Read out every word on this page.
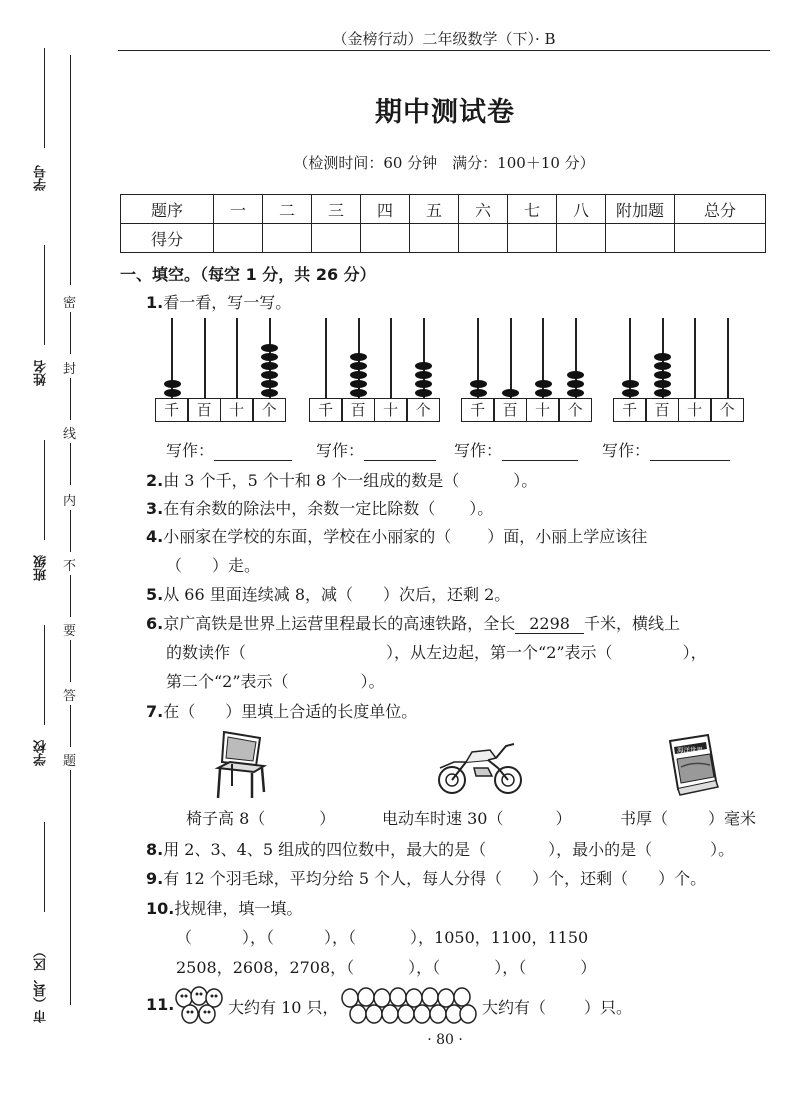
（金榜行动）二年级数学（下）· B
学号
姓名
班级
学校
市（县、区）
密
封
线
内
不
要
答
题
期中测试卷
（检测时间：60 分钟　满分：100＋10 分）
题序	一	二	三	四	五	六	七	八	附加题	总分
得分										
一、填空。（每空 1 分，共 26 分）
1.看一看，写一写。
千	百	十	个	千	百	十	个	千	百	十	个	千	百	十	个
写作：	写作：	写作：	写作：
2.由 3 个千，5 个十和 8 个一组成的数是（	）。
3.在有余数的除法中，余数一定比除数（ ）。
4.小丽家在学校的东面，学校在小丽家的（ ）面，小丽上学应该往
（ ）走。
5.从 66 里面连续减 8，减（ ）次后，还剩 2。
6.京广高铁是世界上运营里程最长的高速铁路，全长 2298 千米，横线上
的数读作（	），从左边起，第一个“2”表示（	），
第二个“2”表示（	）。
7.在（ ）里填上合适的长度单位。
海洋世界
椅子高 8（	）	电动车时速 30（	）	书厚（	）毫米
8.用 2、3、4、5 组成的四位数中，最大的是（	），最小的是（	）。
9.有 12 个羽毛球，平均分给 5 个人，每人分得（ ）个，还剩（ ）个。
10.找规律，填一填。
（	），（	），（	），1050，1100，1150
2508，2608，2708，（	），（	），（	）
11.	大约有 10 只，	大约有（ ）只。
· 80 ·
